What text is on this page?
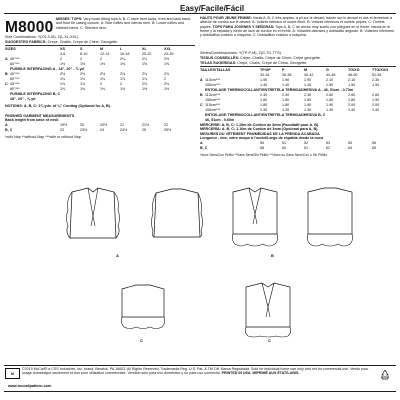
Easy/Facile/Fácil
M8000 MISSES' TOPS: Very loose-fitting tops A, B, C have front tucks, front and back band, and front tie casing closure. A: Side ruffles and narrow hem. B: Lower ruffles and stitched hems. C: Stitched hem.
HAUTS POUR JEUNE FEMME: Hauts A, B, C très amples, à pli sur le devant, bande sur le devant et dos et fermeture à attache de cordon sur le devant. A: Volants latéraux et ourlet étroit. B: Volants inférieurs et ourlets piqués. C: Ourlets piqués. TOPS PARA JÓVENES Y SEÑORAS: Tops A, B, C de ancho muy suelto con pliegues en el frente, banda en el frente y la espalda y cierre de lazo de cordón en el frente. A: Volantes laterales y dobladillo angosto. B: Volantes inferiores y dobladillos cosidos a máquina. C: Dobladillos cosidos a máquina.
Size Combinations: Y(XS-S-M), Z(L-XL-XXL)
SUGGESTED FABRICS: Crepe, Challis, Crepe de Chine, Georgette.
SIZES	XS	S	M	L	XL	XXL
4-6	8-10	12-14	16-18	20-22	24-26
A 45"***	2	2	2	2¼	2¼	2½
60"***	1½	1½	1½	1⅝	1⅝	1⅝
FUSIBLE INTERFACING A - 18", 20" - ¾ yd
B 45"***	2½	2½	2½	2¾	2¾	2¾
60"***	1¾	1¾	1¾	1⅞	1⅞	2
C 45"***	1⅞	1⅞	2	2	2⅛	2⅛
60"***	1⅜	1⅜	1⅜	1½	1½	1½
FUSIBLE INTERFACING B, C
18", 20" - ⅝ yd
NOTIONS: A, B, C: 1¾ yds. of ⅛" Cording (Optional for A, B).
FINISHED GARMENT MEASUREMENTS
Back length from base of neck
A	19½	20	20½	21	21½	22
B, C	23	23½	24	24½	25	25½
*with Nap **without Nap ***with or without Nap
Séries/Combinaciones: Y(TP-P-M), Z(G-TG-TTG)
TISSUS CONSEILLÉS: Crêpe, Challis, Crêpe de Chine, Crêpe georgette.
TELAS SUGERIDAS: Crepé, Chalís, Crepé de China, Georgette.
TAILLES/TALLAS	TP/XP	P	M	G	TG/XG	TTG/XXG
32-34	36-38	40-42	44-46	48-50	52-54
A 115cm***	1.90	1.90	1.90	2.10	2.10	2.30
150cm***	1.40	1.40	1.40	1.50	1.50	1.50
ENTOILAGE THERMOCOLLANT/ENTRETELA TERMOADHESIVA A - 46, 51cm - 0.70m
B 115cm***	2.30	2.30	2.30	2.60	2.60	2.60
150cm***	1.60	1.60	1.60	1.80	1.80	1.90
C 115cm***	1.80	1.80	1.90	1.90	2.00	2.00
150cm***	1.30	1.30	1.30	1.40	1.40	1.40
ENTOILAGE THERMOCOLLANT/ENTRETELA TERMOADHESIVA B, C
46, 51cm - 0.60m
MERCERIE: A, B, C: 1.10m de Cordon de 3mm (Facultatif pour A, B).
MERCERÍA: A, B, C: 1.10m de Cordón de 3mm (Opcional para A, B).
MESURES DU VÊTEMENT FINI/MEDIDAS DE LA PRENDA ACABADA
Longueur - dos, votre nuque à l'ourlet/Largo de espalda desde la nuca
A	50	51	52	53	55	56
B, C	58	60	61	62	64	65
*Avec Sens/Con Pelillo **Sans Sens/Sin Pelillo ***Avec ou Sans Sens/Con o Sin Pelillo
A	B
C	C
M
©2019 McCall® a CSS Industries, Inc. brand, Berwick, PA 18603. All Rights Reserved. Trademarks Reg. U.S. Pat. & TM Off. Marca Registrada. Sold for individual home use only and not for commercial use. Vendu pour usage domestique seulement et non pour utilisation commerciale. Vendido sólo para uso doméstico y no para uso comercial. PRINTED IN USA. IMPRIMÉ AUX ÉTATS-UNIS.
www.mccallpattern.com
